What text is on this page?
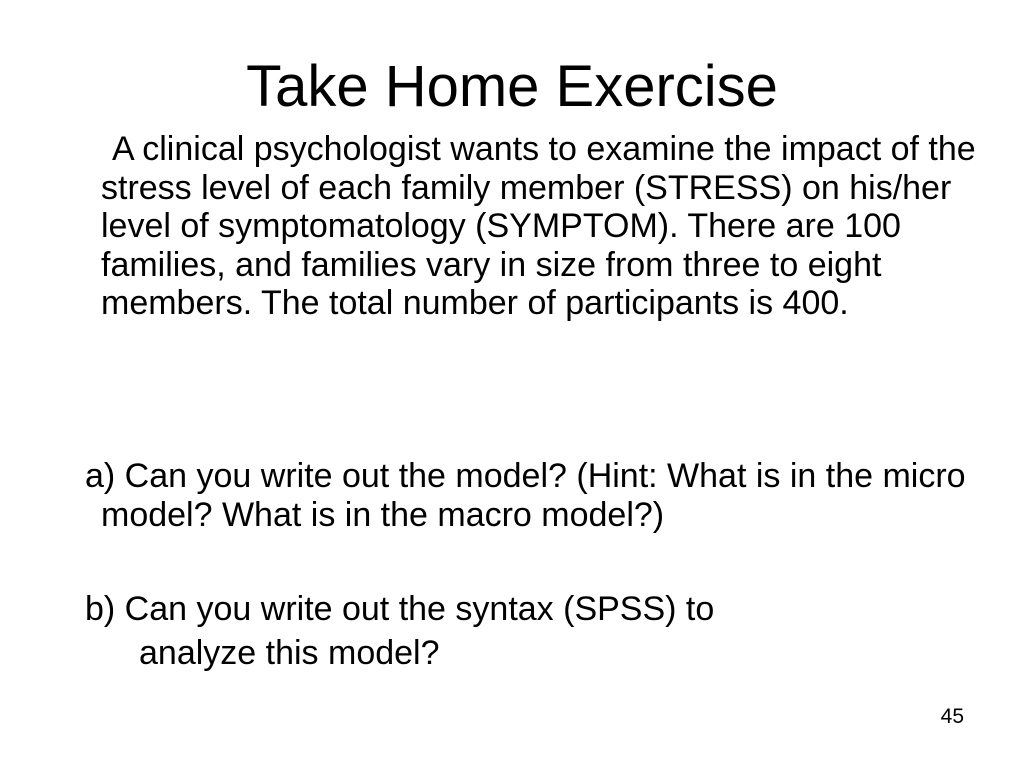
Take Home Exercise

A clinical psychologist wants to examine the impact of the stress level of each family member (STRESS) on his/her level of symptomatology (SYMPTOM). There are 100 families, and families vary in size from three to eight members. The total number of participants is 400.

a) Can you write out the model? (Hint: What is in the micro model? What is in the macro model?)

b) Can you write out the syntax (SPSS) to
analyze this model?

45
